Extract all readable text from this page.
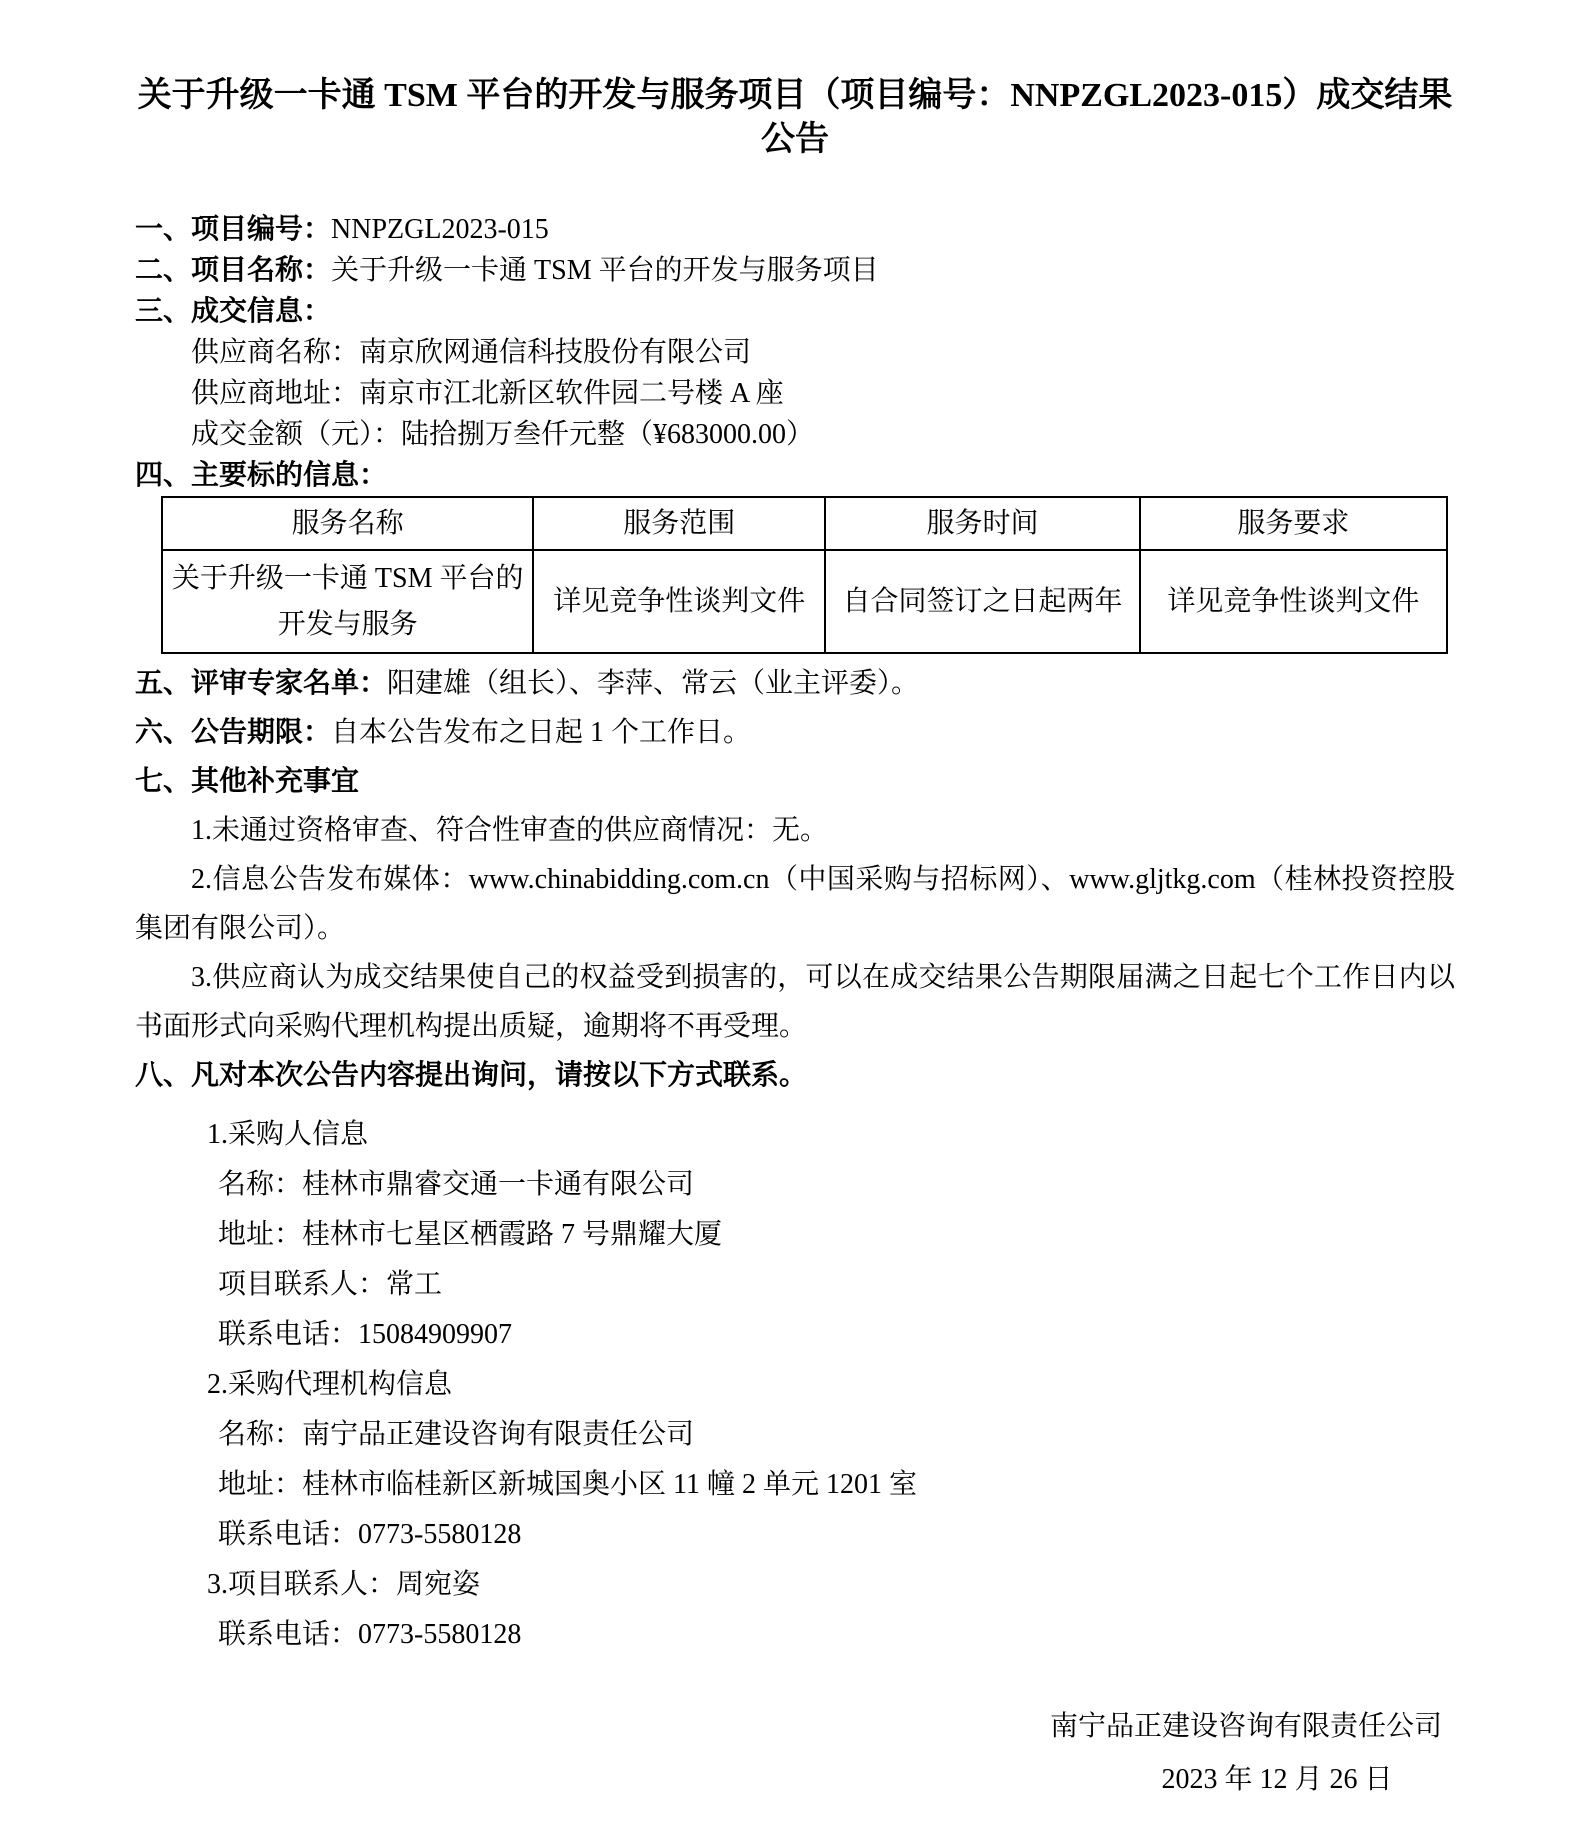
关于升级一卡通 TSM 平台的开发与服务项目（项目编号：NNPZGL2023-015）成交结果公告
一、项目编号：NNPZGL2023-015
二、项目名称：关于升级一卡通 TSM 平台的开发与服务项目
三、成交信息：
供应商名称：南京欣网通信科技股份有限公司
供应商地址：南京市江北新区软件园二号楼 A 座
成交金额（元）：陆拾捌万叁仟元整（¥683000.00）
四、主要标的信息：
服务名称	服务范围	服务时间	服务要求
关于升级一卡通 TSM 平台的开发与服务	详见竞争性谈判文件	自合同签订之日起两年	详见竞争性谈判文件
五、评审专家名单：阳建雄（组长）、李萍、常云（业主评委）。
六、公告期限：自本公告发布之日起 1 个工作日。
七、其他补充事宜
1.未通过资格审查、符合性审查的供应商情况：无。
2.信息公告发布媒体：www.chinabidding.com.cn（中国采购与招标网）、www.gljtkg.com（桂林投资控股集团有限公司）。
3.供应商认为成交结果使自己的权益受到损害的，可以在成交结果公告期限届满之日起七个工作日内以书面形式向采购代理机构提出质疑，逾期将不再受理。
八、凡对本次公告内容提出询问，请按以下方式联系。
1.采购人信息
名称：桂林市鼎睿交通一卡通有限公司
地址：桂林市七星区栖霞路 7 号鼎耀大厦
项目联系人：常工
联系电话：15084909907
2.采购代理机构信息
名称：南宁品正建设咨询有限责任公司
地址：桂林市临桂新区新城国奥小区 11 幢 2 单元 1201 室
联系电话：0773-5580128
3.项目联系人：周宛姿
联系电话：0773-5580128
南宁品正建设咨询有限责任公司
2023 年 12 月 26 日
